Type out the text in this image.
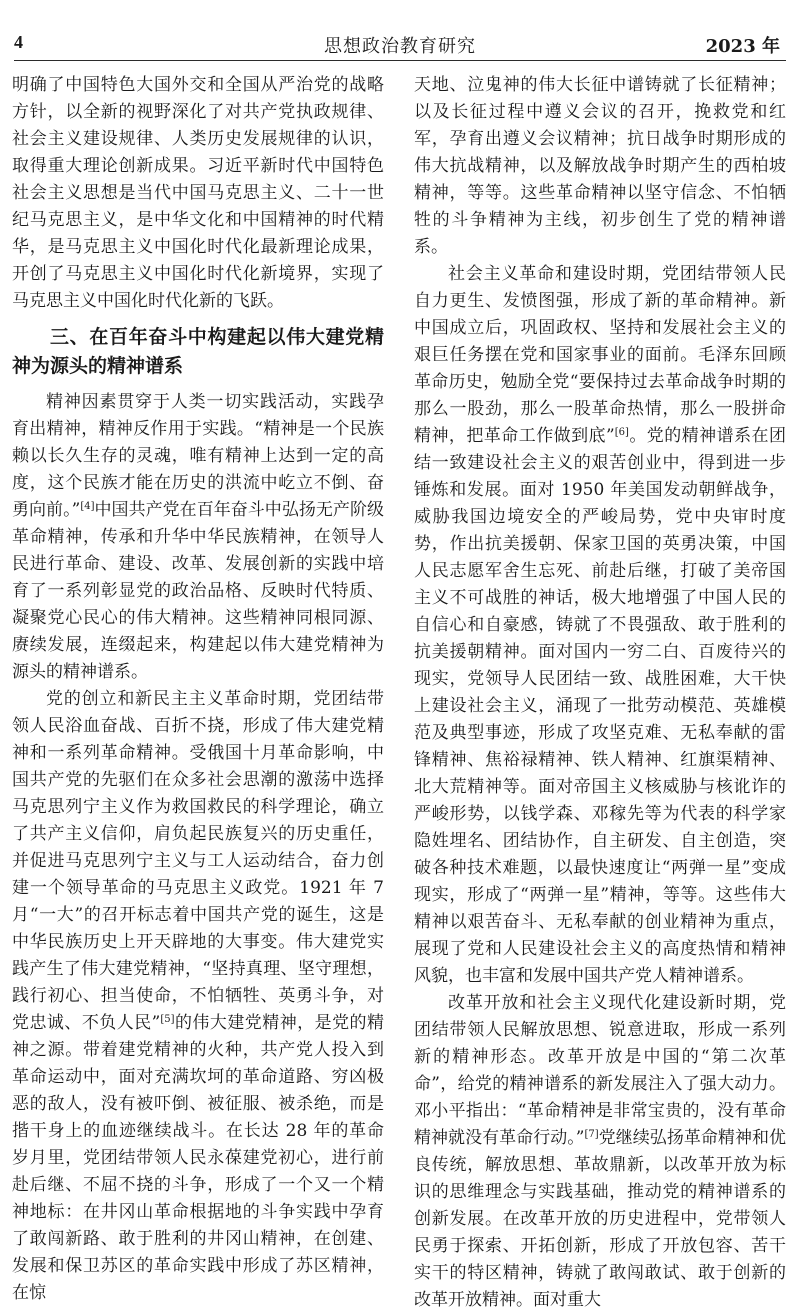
4	思想政治教育研究	2023 年

明确了中国特色大国外交和全国从严治党的战略方针，以全新的视野深化了对共产党执政规律、社会主义建设规律、人类历史发展规律的认识，取得重大理论创新成果。习近平新时代中国特色社会主义思想是当代中国马克思主义、二十一世纪马克思主义，是中华文化和中国精神的时代精华，是马克思主义中国化时代化最新理论成果，开创了马克思主义中国化时代化新境界，实现了马克思主义中国化时代化新的飞跃。

三、在百年奋斗中构建起以伟大建党精神为源头的精神谱系

精神因素贯穿于人类一切实践活动，实践孕育出精神，精神反作用于实践。“精神是一个民族赖以长久生存的灵魂，唯有精神上达到一定的高度，这个民族才能在历史的洪流中屹立不倒、奋勇向前。”[4]中国共产党在百年奋斗中弘扬无产阶级革命精神，传承和升华中华民族精神，在领导人民进行革命、建设、改革、发展创新的实践中培育了一系列彰显党的政治品格、反映时代特质、凝聚党心民心的伟大精神。这些精神同根同源、赓续发展，连缀起来，构建起以伟大建党精神为源头的精神谱系。

党的创立和新民主主义革命时期，党团结带领人民浴血奋战、百折不挠，形成了伟大建党精神和一系列革命精神。受俄国十月革命影响，中国共产党的先驱们在众多社会思潮的激荡中选择马克思列宁主义作为救国救民的科学理论，确立了共产主义信仰，肩负起民族复兴的历史重任，并促进马克思列宁主义与工人运动结合，奋力创建一个领导革命的马克思主义政党。1921 年 7 月“一大”的召开标志着中国共产党的诞生，这是中华民族历史上开天辟地的大事变。伟大建党实践产生了伟大建党精神，“坚持真理、坚守理想，践行初心、担当使命，不怕牺牲、英勇斗争，对党忠诚、不负人民”[5]的伟大建党精神，是党的精神之源。带着建党精神的火种，共产党人投入到革命运动中，面对充满坎坷的革命道路、穷凶极恶的敌人，没有被吓倒、被征服、被杀绝，而是揩干身上的血迹继续战斗。在长达 28 年的革命岁月里，党团结带领人民永葆建党初心，进行前赴后继、不屈不挠的斗争，形成了一个又一个精神地标：在井冈山革命根据地的斗争实践中孕育了敢闯新路、敢于胜利的井冈山精神，在创建、发展和保卫苏区的革命实践中形成了苏区精神，在惊

天地、泣鬼神的伟大长征中谱铸就了长征精神；以及长征过程中遵义会议的召开，挽救党和红军，孕育出遵义会议精神；抗日战争时期形成的伟大抗战精神，以及解放战争时期产生的西柏坡精神，等等。这些革命精神以坚守信念、不怕牺牲的斗争精神为主线，初步创生了党的精神谱系。

社会主义革命和建设时期，党团结带领人民自力更生、发愤图强，形成了新的革命精神。新中国成立后，巩固政权、坚持和发展社会主义的艰巨任务摆在党和国家事业的面前。毛泽东回顾革命历史，勉励全党“要保持过去革命战争时期的那么一股劲，那么一股革命热情，那么一股拼命精神，把革命工作做到底”[6]。党的精神谱系在团结一致建设社会主义的艰苦创业中，得到进一步锤炼和发展。面对 1950 年美国发动朝鲜战争，威胁我国边境安全的严峻局势，党中央审时度势，作出抗美援朝、保家卫国的英勇决策，中国人民志愿军舍生忘死、前赴后继，打破了美帝国主义不可战胜的神话，极大地增强了中国人民的自信心和自豪感，铸就了不畏强敌、敢于胜利的抗美援朝精神。面对国内一穷二白、百废待兴的现实，党领导人民团结一致、战胜困难，大干快上建设社会主义，涌现了一批劳动模范、英雄模范及典型事迹，形成了攻坚克难、无私奉献的雷锋精神、焦裕禄精神、铁人精神、红旗渠精神、北大荒精神等。面对帝国主义核威胁与核讹诈的严峻形势，以钱学森、邓稼先等为代表的科学家隐姓埋名、团结协作，自主研发、自主创造，突破各种技术难题，以最快速度让“两弹一星”变成现实，形成了“两弹一星”精神，等等。这些伟大精神以艰苦奋斗、无私奉献的创业精神为重点，展现了党和人民建设社会主义的高度热情和精神风貌，也丰富和发展中国共产党人精神谱系。

改革开放和社会主义现代化建设新时期，党团结带领人民解放思想、锐意进取，形成一系列新的精神形态。改革开放是中国的“第二次革命”，给党的精神谱系的新发展注入了强大动力。邓小平指出：“革命精神是非常宝贵的，没有革命精神就没有革命行动。”[7]党继续弘扬革命精神和优良传统，解放思想、革故鼎新，以改革开放为标识的思维理念与实践基础，推动党的精神谱系的创新发展。在改革开放的历史进程中，党带领人民勇于探索、开拓创新，形成了开放包容、苦干实干的特区精神，铸就了敢闯敢试、敢于创新的改革开放精神。面对重大
